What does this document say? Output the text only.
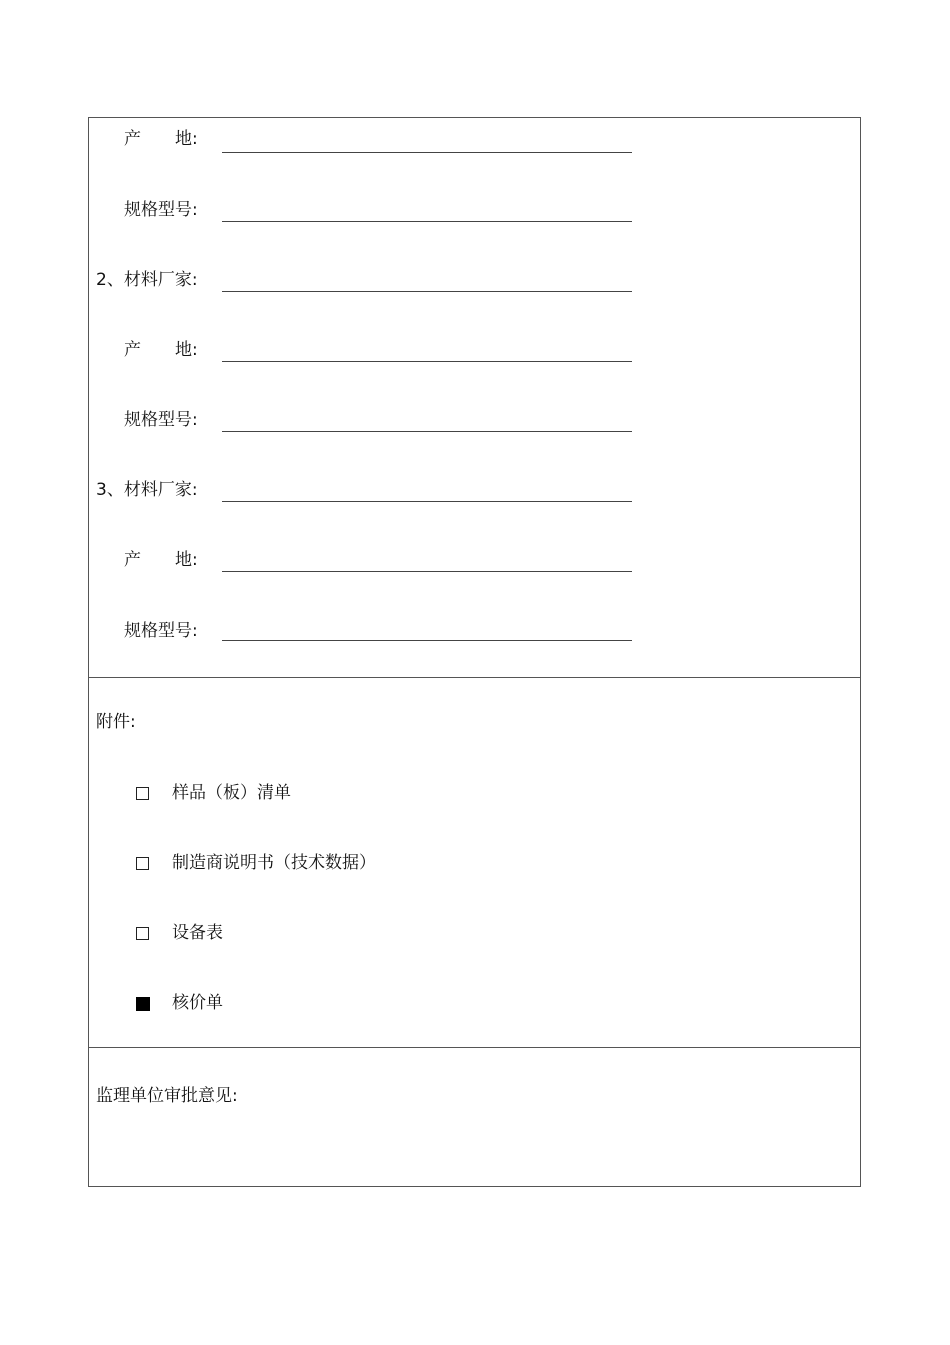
产　　地:
规格型号:
2、材料厂家:
产　　地:
规格型号:
3、材料厂家:
产　　地:
规格型号:
附件:
样品（板）清单
制造商说明书（技术数据）
设备表
核价单
监理单位审批意见:
